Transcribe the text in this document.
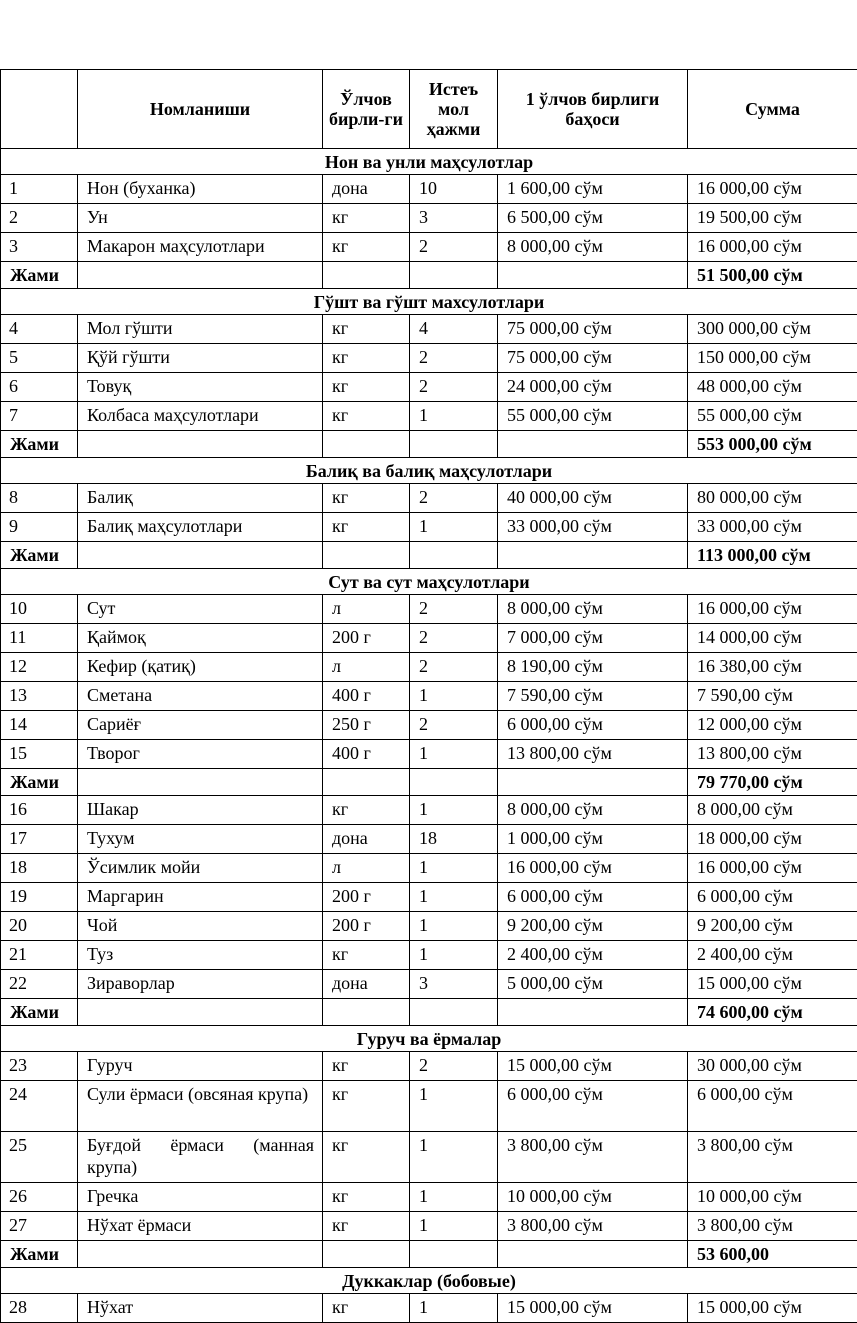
	Номланиши	Ўлчов бирли-ги	Истеъ мол ҳажми	1 ўлчов бирлиги баҳоси	Сумма
Нон ва унли маҳсулотлар					
1	Нон (буханка)	дона	10	1 600,00 сўм	16 000,00 сўм
2	Ун	кг	3	6 500,00 сўм	19 500,00 сўм
3	Макарон маҳсулотлари	кг	2	8 000,00 сўм	16 000,00 сўм
Жами					51 500,00 сўм
Гўшт ва гўшт махсулотлари					
4	Мол гўшти	кг	4	75 000,00 сўм	300 000,00 сўм
5	Қўй гўшти	кг	2	75 000,00 сўм	150 000,00 сўм
6	Товуқ	кг	2	24 000,00 сўм	48 000,00 сўм
7	Колбаса маҳсулотлари	кг	1	55 000,00 сўм	55 000,00 сўм
Жами					553 000,00 сўм
Балиқ ва балиқ маҳсулотлари					
8	Балиқ	кг	2	40 000,00 сўм	80 000,00 сўм
9	Балиқ маҳсулотлари	кг	1	33 000,00 сўм	33 000,00 сўм
Жами					113 000,00 сўм
Сут ва сут маҳсулотлари					
10	Сут	л	2	8 000,00 сўм	16 000,00 сўм
11	Қаймоқ	200 г	2	7 000,00 сўм	14 000,00 сўм
12	Кефир (қатиқ)	л	2	8 190,00 сўм	16 380,00 сўм
13	Сметана	400 г	1	7 590,00 сўм	7 590,00 сўм
14	Сариёғ	250 г	2	6 000,00 сўм	12 000,00 сўм
15	Творог	400 г	1	13 800,00 сўм	13 800,00 сўм
Жами					79 770,00 сўм
16	Шакар	кг	1	8 000,00 сўм	8 000,00 сўм
17	Тухум	дона	18	1 000,00 сўм	18 000,00 сўм
18	Ўсимлик мойи	л	1	16 000,00 сўм	16 000,00 сўм
19	Маргарин	200 г	1	6 000,00 сўм	6 000,00 сўм
20	Чой	200 г	1	9 200,00 сўм	9 200,00 сўм
21	Туз	кг	1	2 400,00 сўм	2 400,00 сўм
22	Зираворлар	дона	3	5 000,00 сўм	15 000,00 сўм
Жами					74 600,00 сўм
Гуруч ва ёрмалар					
23	Гуруч	кг	2	15 000,00 сўм	30 000,00 сўм
24	Сули ёрмаси (овсяная крупа)	кг	1	6 000,00 сўм	6 000,00 сўм
25	Буғдой ёрмаси (манная крупа)	кг	1	3 800,00 сўм	3 800,00 сўм
26	Гречка	кг	1	10 000,00 сўм	10 000,00 сўм
27	Нўхат ёрмаси	кг	1	3 800,00 сўм	3 800,00 сўм
Жами					53 600,00
Дуккаклар (бобовые)					
28	Нўхат	кг	1	15 000,00 сўм	15 000,00 сўм
